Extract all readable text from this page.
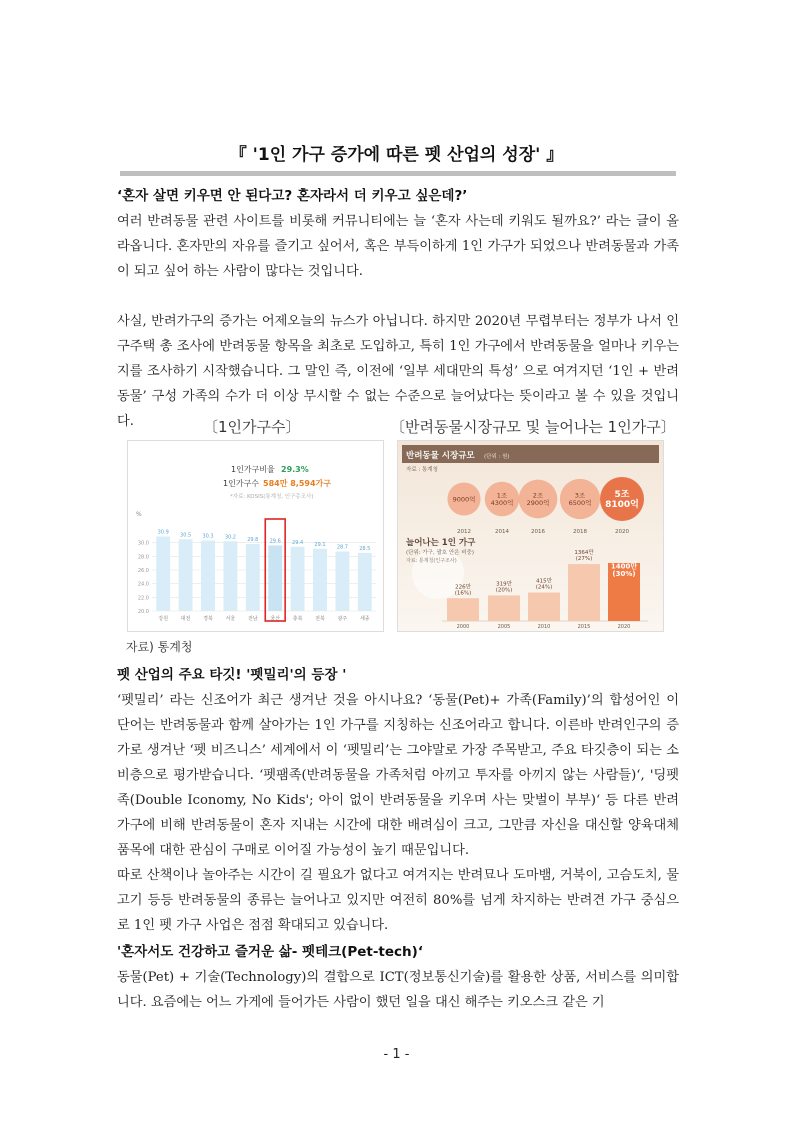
『 '1인 가구 증가에 따른 펫 산업의 성장' 』

‘혼자 살면 키우면 안 된다고? 혼자라서 더 키우고 싶은데?’

여러 반려동물 관련 사이트를 비롯해 커뮤니티에는 늘 ‘혼자 사는데 키워도 될까요?’ 라는 글이 올라옵니다. 혼자만의 자유를 즐기고 싶어서, 혹은 부득이하게 1인 가구가 되었으나 반려동물과 가족이 되고 싶어 하는 사람이 많다는 것입니다.

사실, 반려가구의 증가는 어제오늘의 뉴스가 아닙니다. 하지만 2020년 무렵부터는 정부가 나서 인구주택 총 조사에 반려동물 항목을 최초로 도입하고, 특히 1인 가구에서 반려동물을 얼마나 키우는지를 조사하기 시작했습니다. 그 말인 즉, 이전에 ‘일부 세대만의 특성’ 으로 여겨지던 ‘1인 + 반려동물’ 구성 가족의 수가 더 이상 무시할 수 없는 수준으로 늘어났다는 뜻이라고 볼 수 있을 것입니다.	〔1인가구수〕	〔반려동물시장규모 및 늘어나는 1인가구〕
1인가구비율 29.3%
1인가구수 584만 8,594가구
*자료: KOSIS(통계청, 인구총조사)
%
30.0
28.0
26.0
24.0
22.0
20.0
30.9
강원
30.5
대전
30.3
경북
30.2
서울
29.8
전남
29.6
울산
29.4
충북
29.1
전북
28.7
광주
28.5
세종
반려동물 시장규모 (단위 : 원)
자료 : 통계청
9000억
2012
1조 4300억
2014
2조 2900억
2016
3조 6500억
2018
5조 8100억
2020
늘어나는 1인 가구
(단위: 가구, 괄호 안은 비중)
자료: 통계청(인구조사)
226만 (16%)
2000
319만 (20%)
2005
415만 (24%)
2010
1364만 (27%)
2015
1400만 (30%)
2020
자료) 통계청

펫 산업의 주요 타깃! '펫밀리'의 등장 '

‘펫밀리’ 라는 신조어가 최근 생겨난 것을 아시나요? ‘동물(Pet)+ 가족(Family)’의 합성어인 이 단어는 반려동물과 함께 살아가는 1인 가구를 지칭하는 신조어라고 합니다. 이른바 반려인구의 증가로 생겨난 ‘펫 비즈니스’ 세계에서 이 ‘펫밀리’는 그야말로 가장 주목받고, 주요 타깃층이 되는 소비층으로 평가받습니다. ‘펫팸족(반려동물을 가족처럼 아끼고 투자를 아끼지 않는 사람들)‘, '딩펫족(Double Iconomy, No Kids'; 아이 없이 반려동물을 키우며 사는 맞벌이 부부)‘ 등 다른 반려 가구에 비해 반려동물이 혼자 지내는 시간에 대한 배려심이 크고, 그만큼 자신을 대신할 양육대체품목에 대한 관심이 구매로 이어질 가능성이 높기 때문입니다.

따로 산책이나 놀아주는 시간이 길 필요가 없다고 여겨지는 반려묘나 도마뱀, 거북이, 고슴도치, 물고기 등등 반려동물의 종류는 늘어나고 있지만 여전히 80%를 넘게 차지하는 반려견 가구 중심으로 1인 펫 가구 사업은 점점 확대되고 있습니다.

'혼자서도 건강하고 즐거운 삶- 펫테크(Pet-tech)‘

동물(Pet) + 기술(Technology)의 결합으로 ICT(정보통신기술)를 활용한 상품, 서비스를 의미합니다. 요즘에는 어느 가게에 들어가든 사람이 했던 일을 대신 해주는 키오스크 같은 기

- 1 -
